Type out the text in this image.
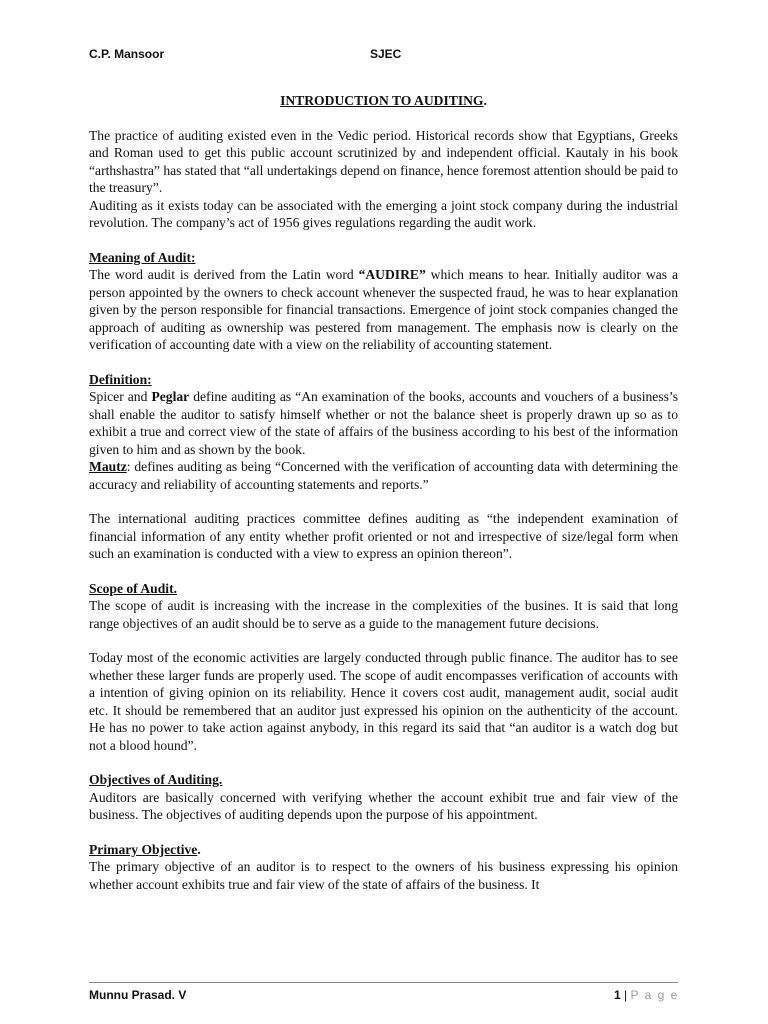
C.P. Mansoor	SJEC

INTRODUCTION TO AUDITING.

The practice of auditing existed even in the Vedic period. Historical records show that Egyptians, Greeks and Roman used to get this public account scrutinized by and independent official. Kautaly in his book “arthshastra” has stated that “all undertakings depend on finance, hence foremost attention should be paid to the treasury”.

Auditing as it exists today can be associated with the emerging a joint stock company during the industrial revolution. The company’s act of 1956 gives regulations regarding the audit work.

Meaning of Audit:

The word audit is derived from the Latin word “AUDIRE” which means to hear. Initially auditor was a person appointed by the owners to check account whenever the suspected fraud, he was to hear explanation given by the person responsible for financial transactions. Emergence of joint stock companies changed the approach of auditing as ownership was pestered from management. The emphasis now is clearly on the verification of accounting date with a view on the reliability of accounting statement.

Definition:

Spicer and Peglar define auditing as “An examination of the books, accounts and vouchers of a business’s shall enable the auditor to satisfy himself whether or not the balance sheet is properly drawn up so as to exhibit a true and correct view of the state of affairs of the business according to his best of the information given to him and as shown by the book.

Mautz: defines auditing as being “Concerned with the verification of accounting data with determining the accuracy and reliability of accounting statements and reports.”

The international auditing practices committee defines auditing as “the independent examination of financial information of any entity whether profit oriented or not and irrespective of size/legal form when such an examination is conducted with a view to express an opinion thereon”.

Scope of Audit.

The scope of audit is increasing with the increase in the complexities of the busines. It is said that long range objectives of an audit should be to serve as a guide to the management future decisions.

Today most of the economic activities are largely conducted through public finance. The auditor has to see whether these larger funds are properly used. The scope of audit encompasses verification of accounts with a intention of giving opinion on its reliability. Hence it covers cost audit, management audit, social audit etc. It should be remembered that an auditor just expressed his opinion on the authenticity of the account. He has no power to take action against anybody, in this regard its said that “an auditor is a watch dog but not a blood hound”.

Objectives of Auditing.

Auditors are basically concerned with verifying whether the account exhibit true and fair view of the business. The objectives of auditing depends upon the purpose of his appointment.

Primary Objective.

The primary objective of an auditor is to respect to the owners of his business expressing his opinion whether account exhibits true and fair view of the state of affairs of the business. It

Munnu Prasad. V	1 | P a g e
